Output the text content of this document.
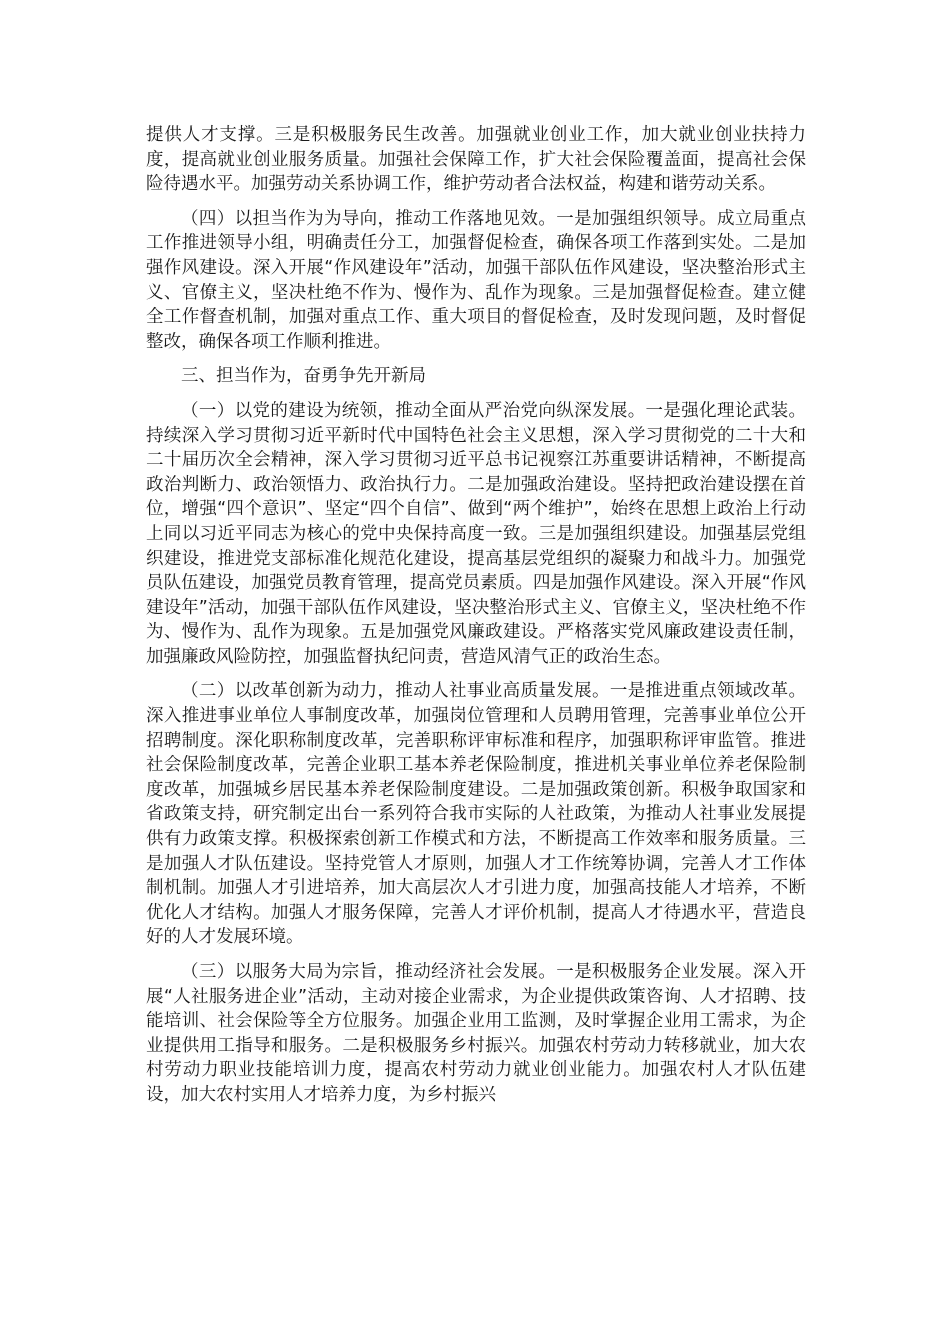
提供人才支撑。三是积极服务民生改善。加强就业创业工作，加大就业创业扶持力度，提高就业创业服务质量。加强社会保障工作，扩大社会保险覆盖面，提高社会保险待遇水平。加强劳动关系协调工作，维护劳动者合法权益，构建和谐劳动关系。

（四）以担当作为为导向，推动工作落地见效。一是加强组织领导。成立局重点工作推进领导小组，明确责任分工，加强督促检查，确保各项工作落到实处。二是加强作风建设。深入开展“作风建设年”活动，加强干部队伍作风建设，坚决整治形式主义、官僚主义，坚决杜绝不作为、慢作为、乱作为现象。三是加强督促检查。建立健全工作督查机制，加强对重点工作、重大项目的督促检查，及时发现问题，及时督促整改，确保各项工作顺利推进。

三、担当作为，奋勇争先开新局

（一）以党的建设为统领，推动全面从严治党向纵深发展。一是强化理论武装。持续深入学习贯彻习近平新时代中国特色社会主义思想，深入学习贯彻党的二十大和二十届历次全会精神，深入学习贯彻习近平总书记视察江苏重要讲话精神，不断提高政治判断力、政治领悟力、政治执行力。二是加强政治建设。坚持把政治建设摆在首位，增强“四个意识”、坚定“四个自信”、做到“两个维护”，始终在思想上政治上行动上同以习近平同志为核心的党中央保持高度一致。三是加强组织建设。加强基层党组织建设，推进党支部标准化规范化建设，提高基层党组织的凝聚力和战斗力。加强党员队伍建设，加强党员教育管理，提高党员素质。四是加强作风建设。深入开展“作风建设年”活动，加强干部队伍作风建设，坚决整治形式主义、官僚主义，坚决杜绝不作为、慢作为、乱作为现象。五是加强党风廉政建设。严格落实党风廉政建设责任制，加强廉政风险防控，加强监督执纪问责，营造风清气正的政治生态。

（二）以改革创新为动力，推动人社事业高质量发展。一是推进重点领域改革。深入推进事业单位人事制度改革，加强岗位管理和人员聘用管理，完善事业单位公开招聘制度。深化职称制度改革，完善职称评审标准和程序，加强职称评审监管。推进社会保险制度改革，完善企业职工基本养老保险制度，推进机关事业单位养老保险制度改革，加强城乡居民基本养老保险制度建设。二是加强政策创新。积极争取国家和省政策支持，研究制定出台一系列符合我市实际的人社政策，为推动人社事业发展提供有力政策支撑。积极探索创新工作模式和方法，不断提高工作效率和服务质量。三是加强人才队伍建设。坚持党管人才原则，加强人才工作统筹协调，完善人才工作体制机制。加强人才引进培养，加大高层次人才引进力度，加强高技能人才培养，不断优化人才结构。加强人才服务保障，完善人才评价机制，提高人才待遇水平，营造良好的人才发展环境。

（三）以服务大局为宗旨，推动经济社会发展。一是积极服务企业发展。深入开展“人社服务进企业”活动，主动对接企业需求，为企业提供政策咨询、人才招聘、技能培训、社会保险等全方位服务。加强企业用工监测，及时掌握企业用工需求，为企业提供用工指导和服务。二是积极服务乡村振兴。加强农村劳动力转移就业，加大农村劳动力职业技能培训力度，提高农村劳动力就业创业能力。加强农村人才队伍建设，加大农村实用人才培养力度，为乡村振兴
